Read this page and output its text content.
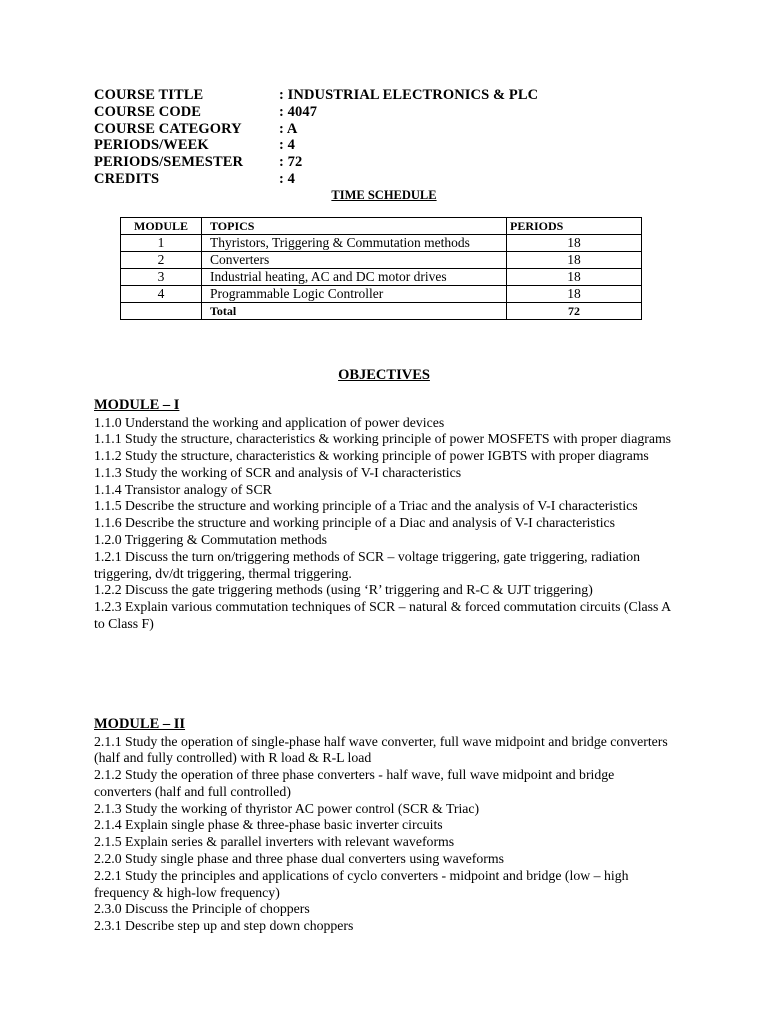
COURSE TITLE	: INDUSTRIAL ELECTRONICS & PLC
COURSE CODE	: 4047
COURSE CATEGORY	: A
PERIODS/WEEK	: 4
PERIODS/SEMESTER : 72
CREDITS	: 4
TIME SCHEDULE
MODULE	TOPICS	PERIODS
1	Thyristors, Triggering & Commutation methods	18
2	Converters	18
3	Industrial heating, AC and DC motor drives	18
4	Programmable Logic Controller	18
	Total	72
OBJECTIVES
MODULE – I

1.1.0 Understand the working and application of power devices

1.1.1 Study the structure, characteristics & working principle of power MOSFETS with proper diagrams

1.1.2 Study the structure, characteristics & working principle of power IGBTS with proper diagrams

1.1.3 Study the working of SCR and analysis of V-I characteristics

1.1.4 Transistor analogy of SCR

1.1.5 Describe the structure and working principle of a Triac and the analysis of V-I characteristics

1.1.6 Describe the structure and working principle of a Diac and analysis of V-I characteristics

1.2.0 Triggering & Commutation methods

1.2.1 Discuss the turn on/triggering methods of SCR – voltage triggering, gate triggering, radiation triggering, dv/dt triggering, thermal triggering.

1.2.2 Discuss the gate triggering methods (using ‘R’ triggering and R-C & UJT triggering)

1.2.3 Explain various commutation techniques of SCR – natural & forced commutation circuits (Class A to Class F)

MODULE – II

2.1.1 Study the operation of single-phase half wave converter, full wave midpoint and bridge converters (half and fully controlled) with R load & R-L load

2.1.2 Study the operation of three phase converters - half wave, full wave midpoint and bridge converters (half and full controlled)

2.1.3 Study the working of thyristor AC power control (SCR & Triac)

2.1.4 Explain single phase & three-phase basic inverter circuits

2.1.5 Explain series & parallel inverters with relevant waveforms

2.2.0 Study single phase and three phase dual converters using waveforms

2.2.1 Study the principles and applications of cyclo converters - midpoint and bridge (low – high frequency & high-low frequency)

2.3.0 Discuss the Principle of choppers

2.3.1 Describe step up and step down choppers
